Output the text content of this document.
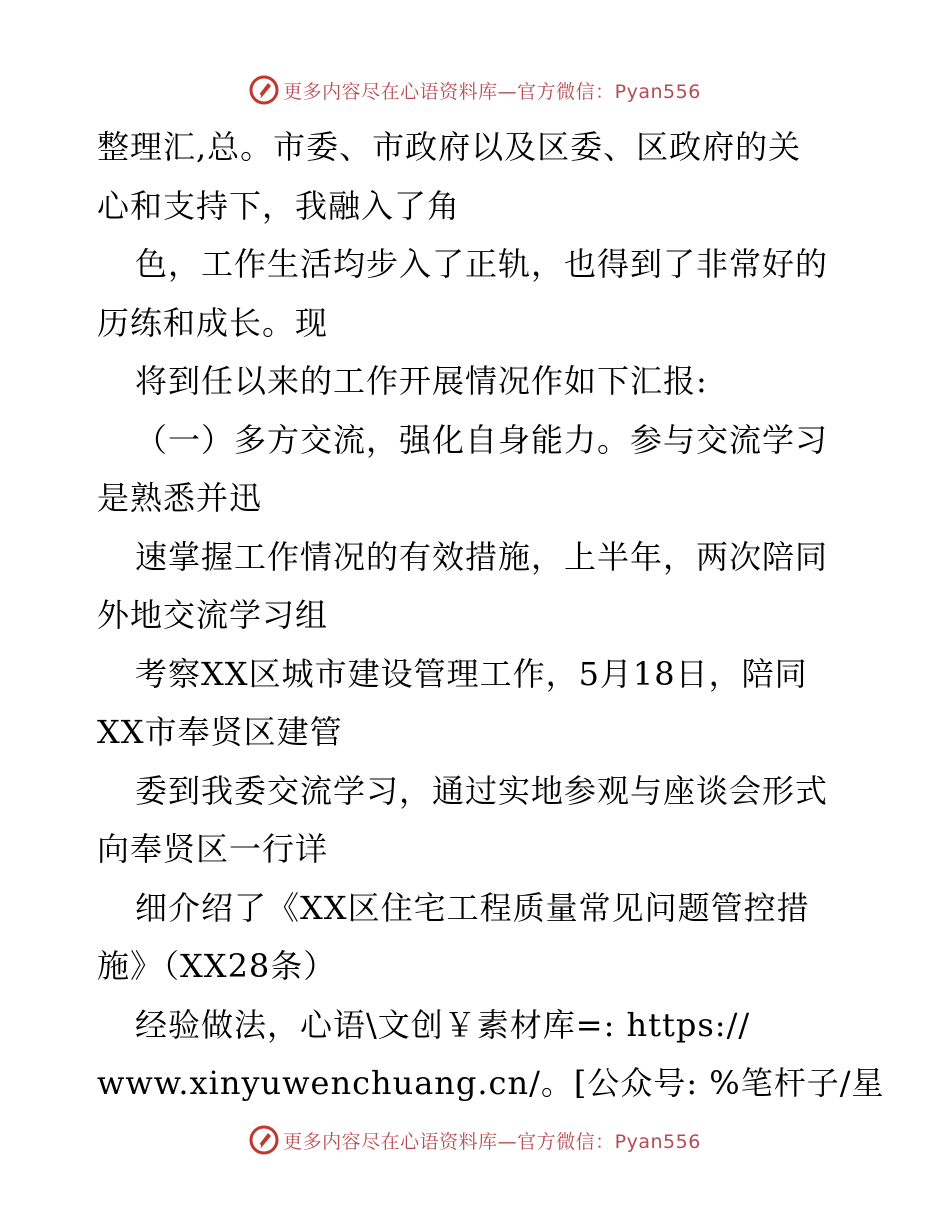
更多内容尽在心语资料库—官方微信：Pyan556
整理汇,总。市委、市政府以及区委、区政府的关
心和支持下，我融入了角
色，工作生活均步入了正轨，也得到了非常好的
历练和成长。现
将到任以来的工作开展情况作如下汇报:
（一）多方交流，强化自身能力。参与交流学习
是熟悉并迅
速掌握工作情况的有效措施，上半年，两次陪同
外地交流学习组
考察XX区城市建设管理工作，5月18日，陪同
XX市奉贤区建管
委到我委交流学习，通过实地参观与座谈会形式
向奉贤区一行详
细介绍了《XX区住宅工程质量常见问题管控措
施》（XX28条）
经验做法，心语\文创￥素材库=: https://
www.xinyuwenchuang.cn/。[公众号: %笔杆子/星
更多内容尽在心语资料库—官方微信：Pyan556
